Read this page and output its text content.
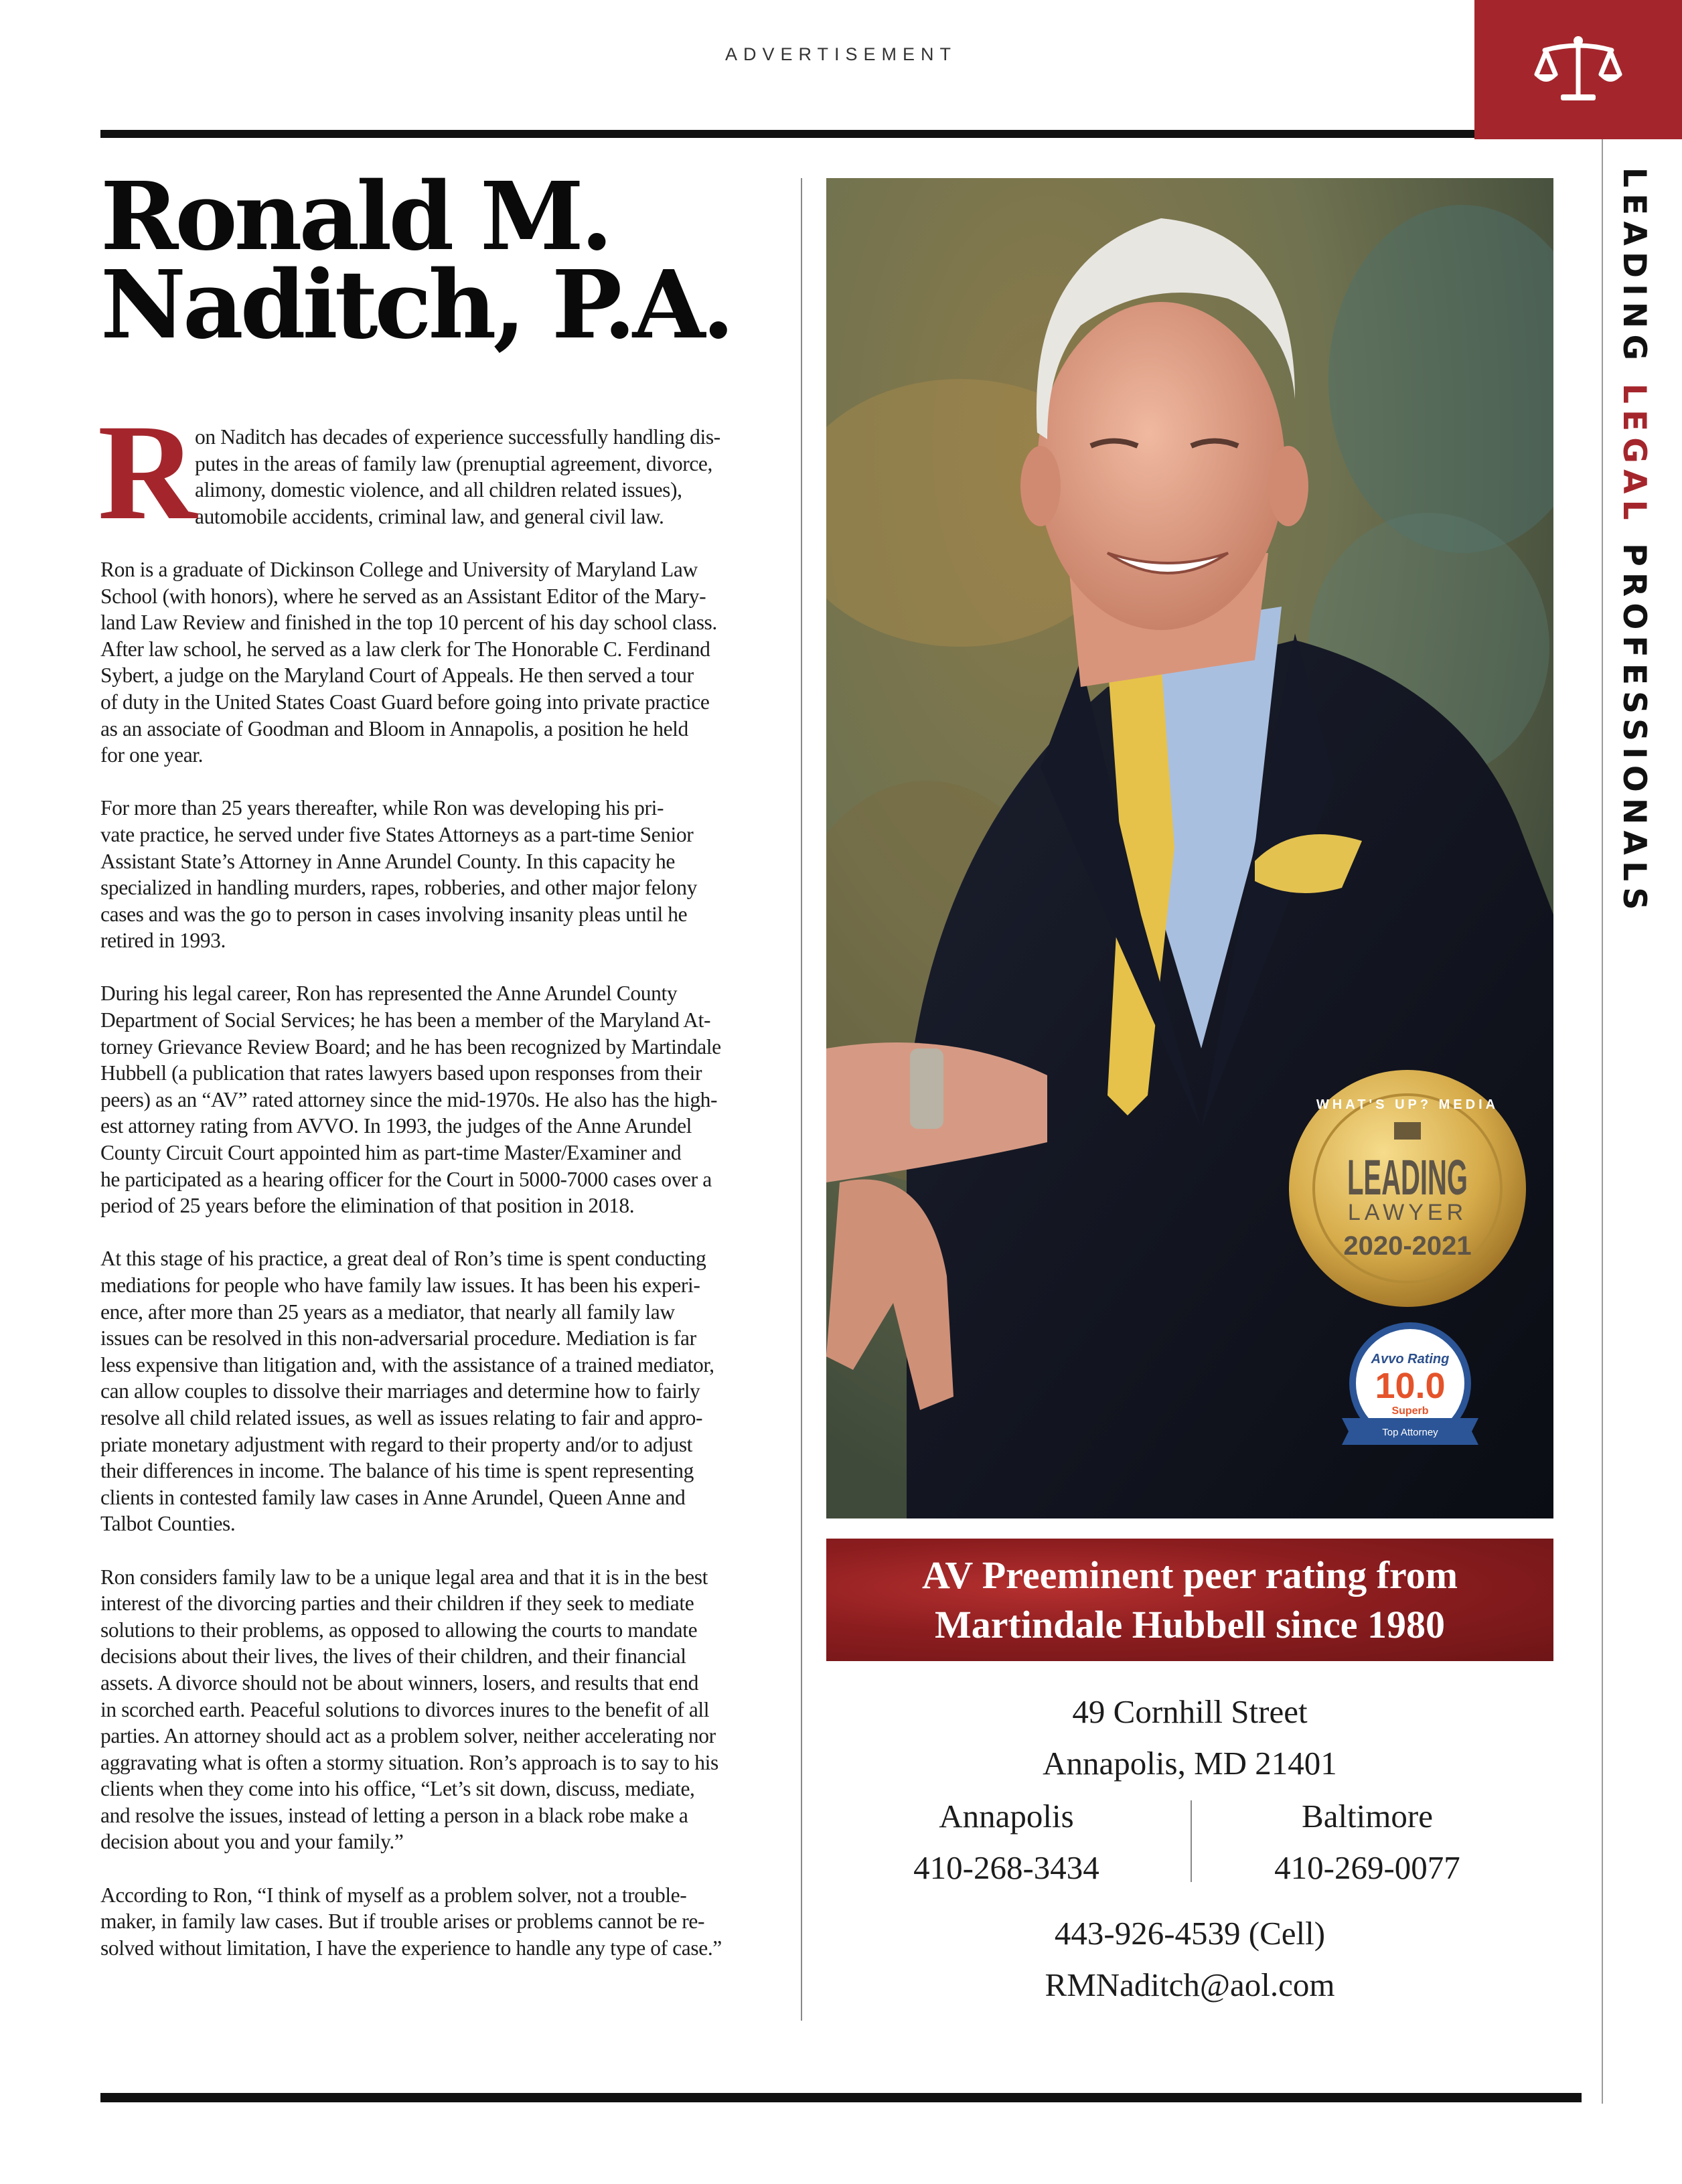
ADVERTISEMENT
LEADING LEGAL PROFESSIONALS
Ronald M.
Naditch, P.A.
R on Naditch has decades of experience successfully handling dis-
putes in the areas of family law (prenuptial agreement, divorce,
alimony, domestic violence, and all children related issues),
automobile accidents, criminal law, and general civil law.
Ron is a graduate of Dickinson College and University of Maryland Law
School (with honors), where he served as an Assistant Editor of the Mary-
land Law Review and finished in the top 10 percent of his day school class.
After law school, he served as a law clerk for The Honorable C. Ferdinand
Sybert, a judge on the Maryland Court of Appeals. He then served a tour
of duty in the United States Coast Guard before going into private practice
as an associate of Goodman and Bloom in Annapolis, a position he held
for one year.
For more than 25 years thereafter, while Ron was developing his pri-
vate practice, he served under five States Attorneys as a part-time Senior
Assistant State’s Attorney in Anne Arundel County. In this capacity he
specialized in handling murders, rapes, robberies, and other major felony
cases and was the go to person in cases involving insanity pleas until he
retired in 1993.
During his legal career, Ron has represented the Anne Arundel County
Department of Social Services; he has been a member of the Maryland At-
torney Grievance Review Board; and he has been recognized by Martindale
Hubbell (a publication that rates lawyers based upon responses from their
peers) as an “AV” rated attorney since the mid-1970s. He also has the high-
est attorney rating from AVVO. In 1993, the judges of the Anne Arundel
County Circuit Court appointed him as part-time Master/Examiner and
he participated as a hearing officer for the Court in 5000-7000 cases over a
period of 25 years before the elimination of that position in 2018.
At this stage of his practice, a great deal of Ron’s time is spent conducting
mediations for people who have family law issues. It has been his experi-
ence, after more than 25 years as a mediator, that nearly all family law
issues can be resolved in this non-adversarial procedure. Mediation is far
less expensive than litigation and, with the assistance of a trained mediator,
can allow couples to dissolve their marriages and determine how to fairly
resolve all child related issues, as well as issues relating to fair and appro-
priate monetary adjustment with regard to their property and/or to adjust
their differences in income. The balance of his time is spent representing
clients in contested family law cases in Anne Arundel, Queen Anne and
Talbot Counties.
Ron considers family law to be a unique legal area and that it is in the best
interest of the divorcing parties and their children if they seek to mediate
solutions to their problems, as opposed to allowing the courts to mandate
decisions about their lives, the lives of their children, and their financial
assets. A divorce should not be about winners, losers, and results that end
in scorched earth. Peaceful solutions to divorces inures to the benefit of all
parties. An attorney should act as a problem solver, neither accelerating nor
aggravating what is often a stormy situation. Ron’s approach is to say to his
clients when they come into his office, “Let’s sit down, discuss, mediate,
and resolve the issues, instead of letting a person in a black robe make a
decision about you and your family.”
According to Ron, “I think of myself as a problem solver, not a trouble-
maker, in family law cases. But if trouble arises or problems cannot be re-
solved without limitation, I have the experience to handle any type of case.”
WHAT'S UP? MEDIA
LEADING
LAWYER
2020-2021
Avvo Rating
10.0
Superb
Top Attorney
AV Preeminent peer rating from
Martindale Hubbell since 1980
49 Cornhill Street
Annapolis, MD 21401
Annapolis
410-268-3434
Baltimore
410-269-0077
443-926-4539 (Cell)
RMNaditch@aol.com
